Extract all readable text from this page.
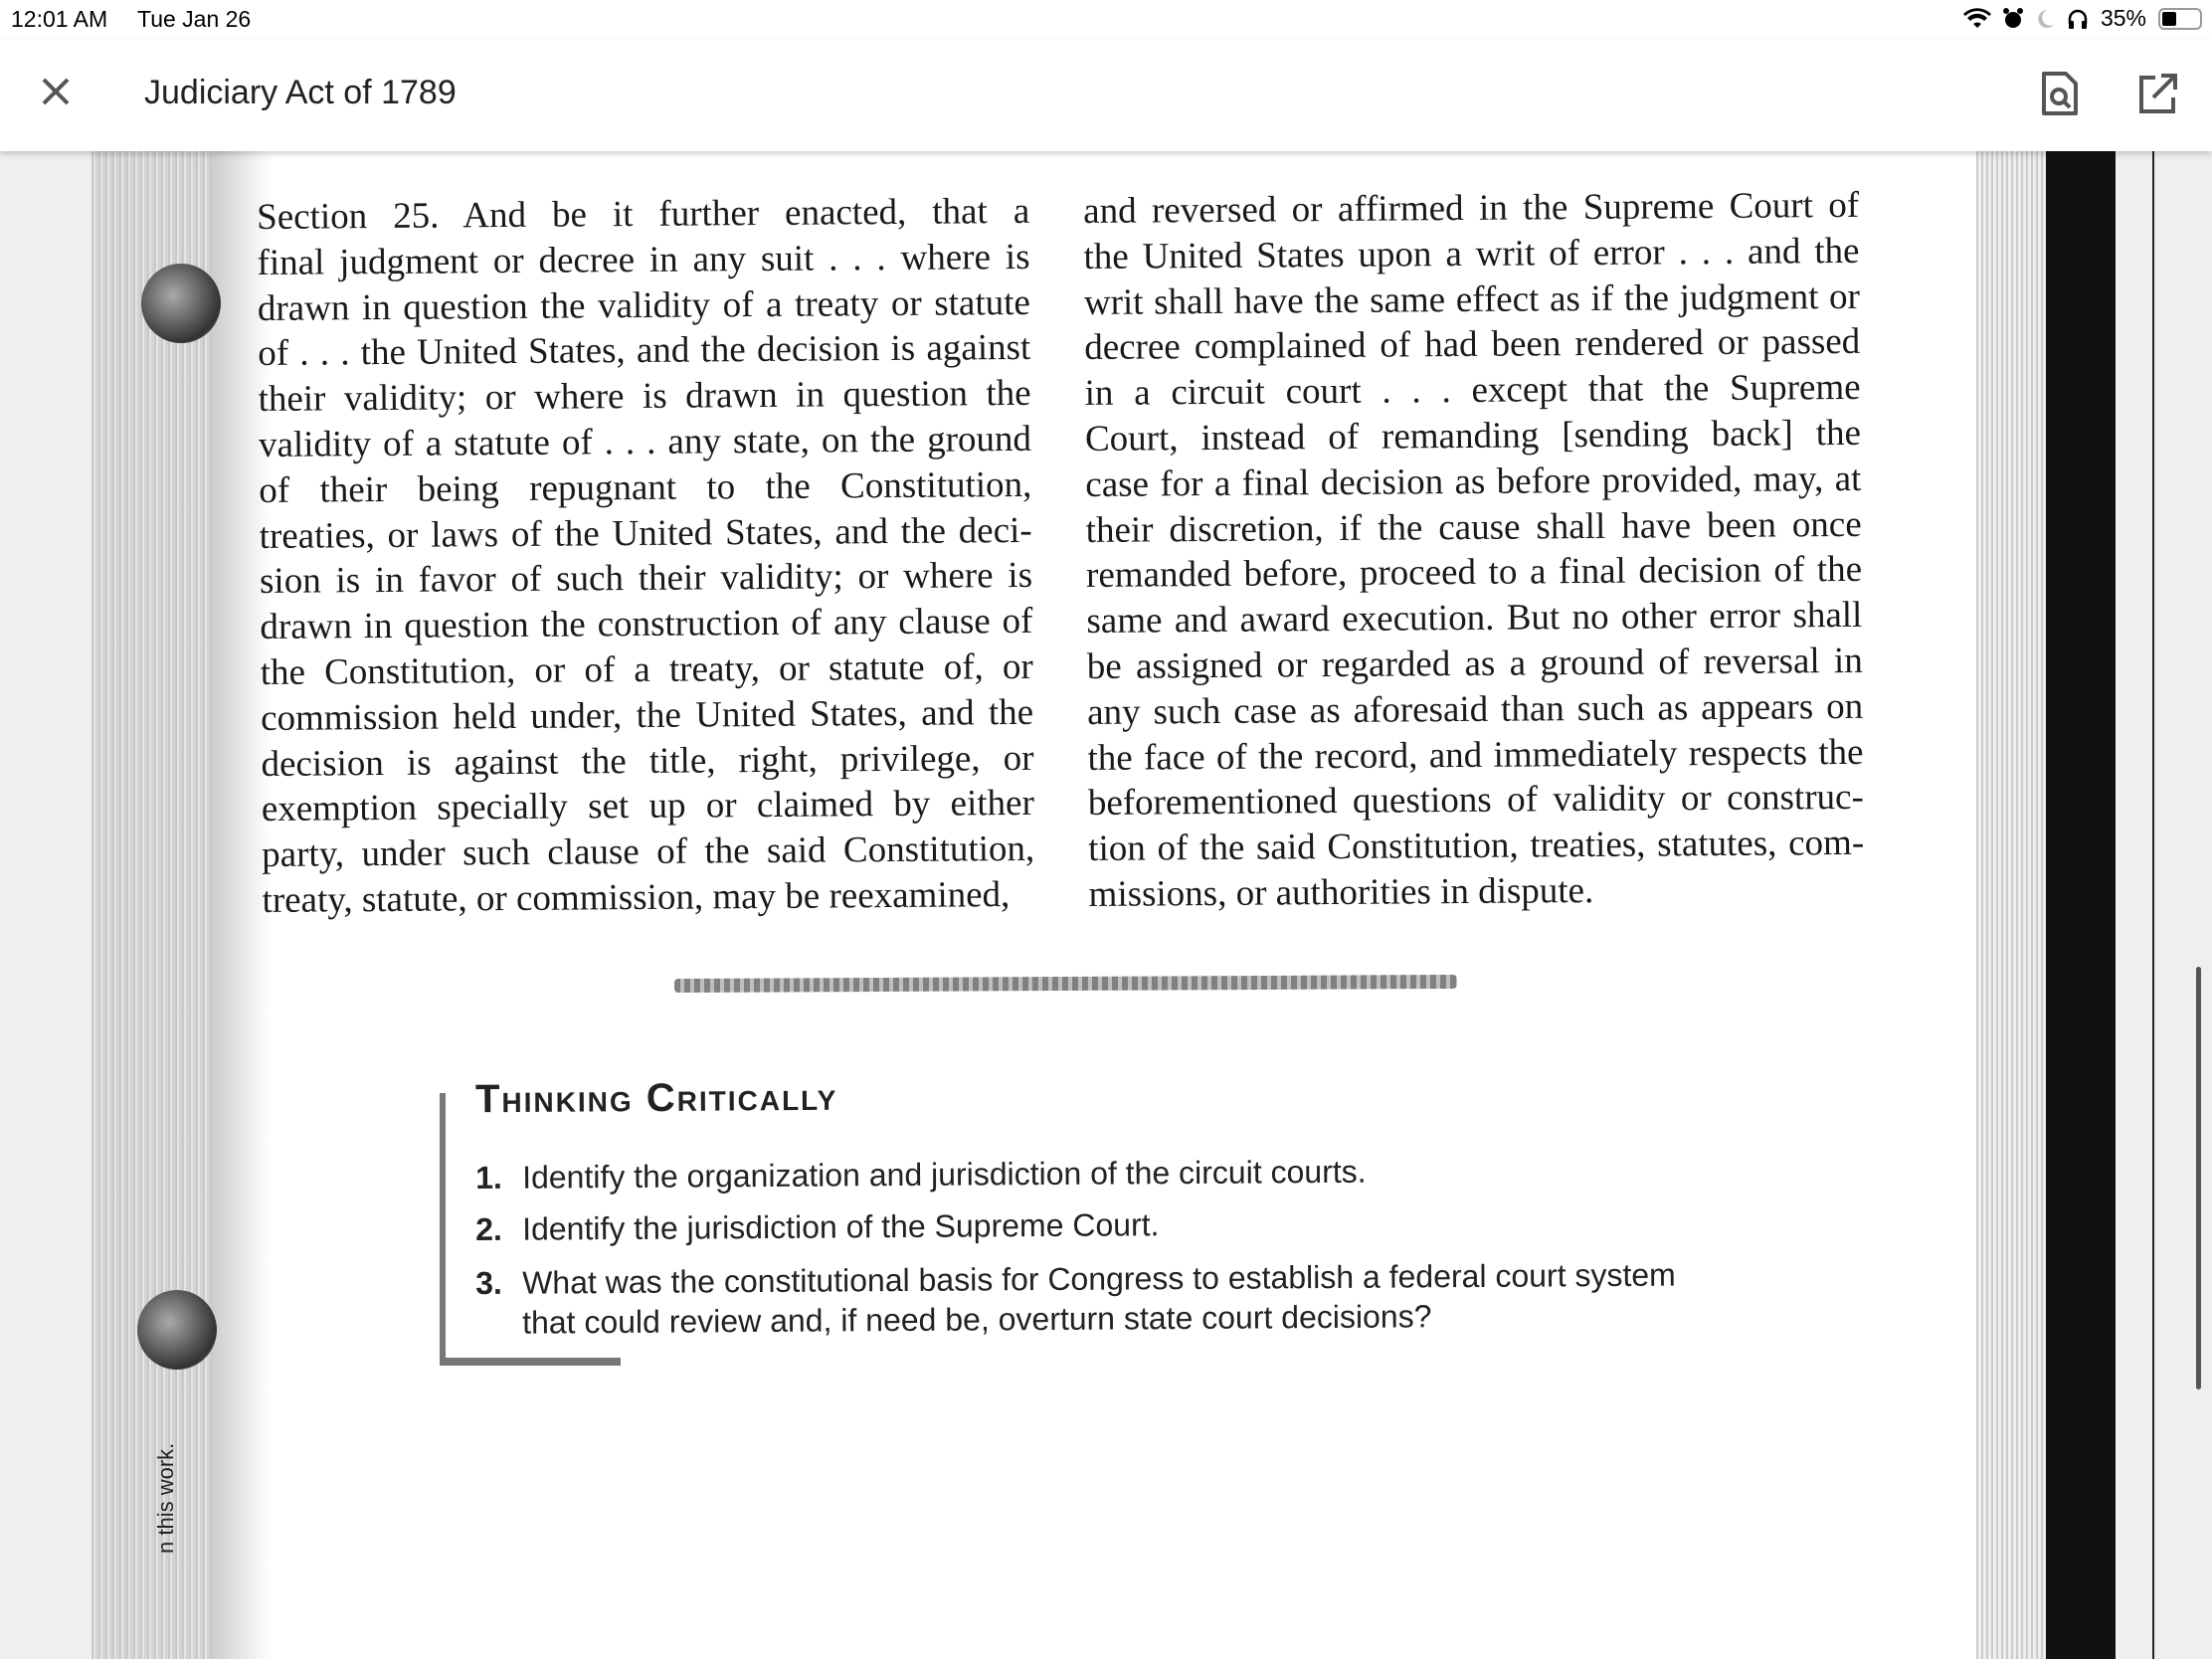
12:01 AM Tue Jan 26	35%
Judiciary Act of 1789
Section 25. And be it further enacted, that a
final judgment or decree in any suit . . . where is
drawn in question the validity of a treaty or statute
of . . . the United States, and the decision is against
their validity; or where is drawn in question the
validity of a statute of . . . any state, on the ground
of their being repugnant to the Constitution,
treaties, or laws of the United States, and the deci-
sion is in favor of such their validity; or where is
drawn in question the construction of any clause of
the Constitution, or of a treaty, or statute of, or
commission held under, the United States, and the
decision is against the title, right, privilege, or
exemption specially set up or claimed by either
party, under such clause of the said Constitution,
treaty, statute, or commission, may be reexamined,
and reversed or affirmed in the Supreme Court of
the United States upon a writ of error . . . and the
writ shall have the same effect as if the judgment or
decree complained of had been rendered or passed
in a circuit court . . . except that the Supreme
Court, instead of remanding [sending back] the
case for a final decision as before provided, may, at
their discretion, if the cause shall have been once
remanded before, proceed to a final decision of the
same and award execution. But no other error shall
be assigned or regarded as a ground of reversal in
any such case as aforesaid than such as appears on
the face of the record, and immediately respects the
beforementioned questions of validity or construc-
tion of the said Constitution, treaties, statutes, com-
missions, or authorities in dispute.
Thinking Critically
1. Identify the organization and jurisdiction of the circuit courts.
2. Identify the jurisdiction of the Supreme Court.
3. What was the constitutional basis for Congress to establish a federal court system
that could review and, if need be, overturn state court decisions?
n this work.
